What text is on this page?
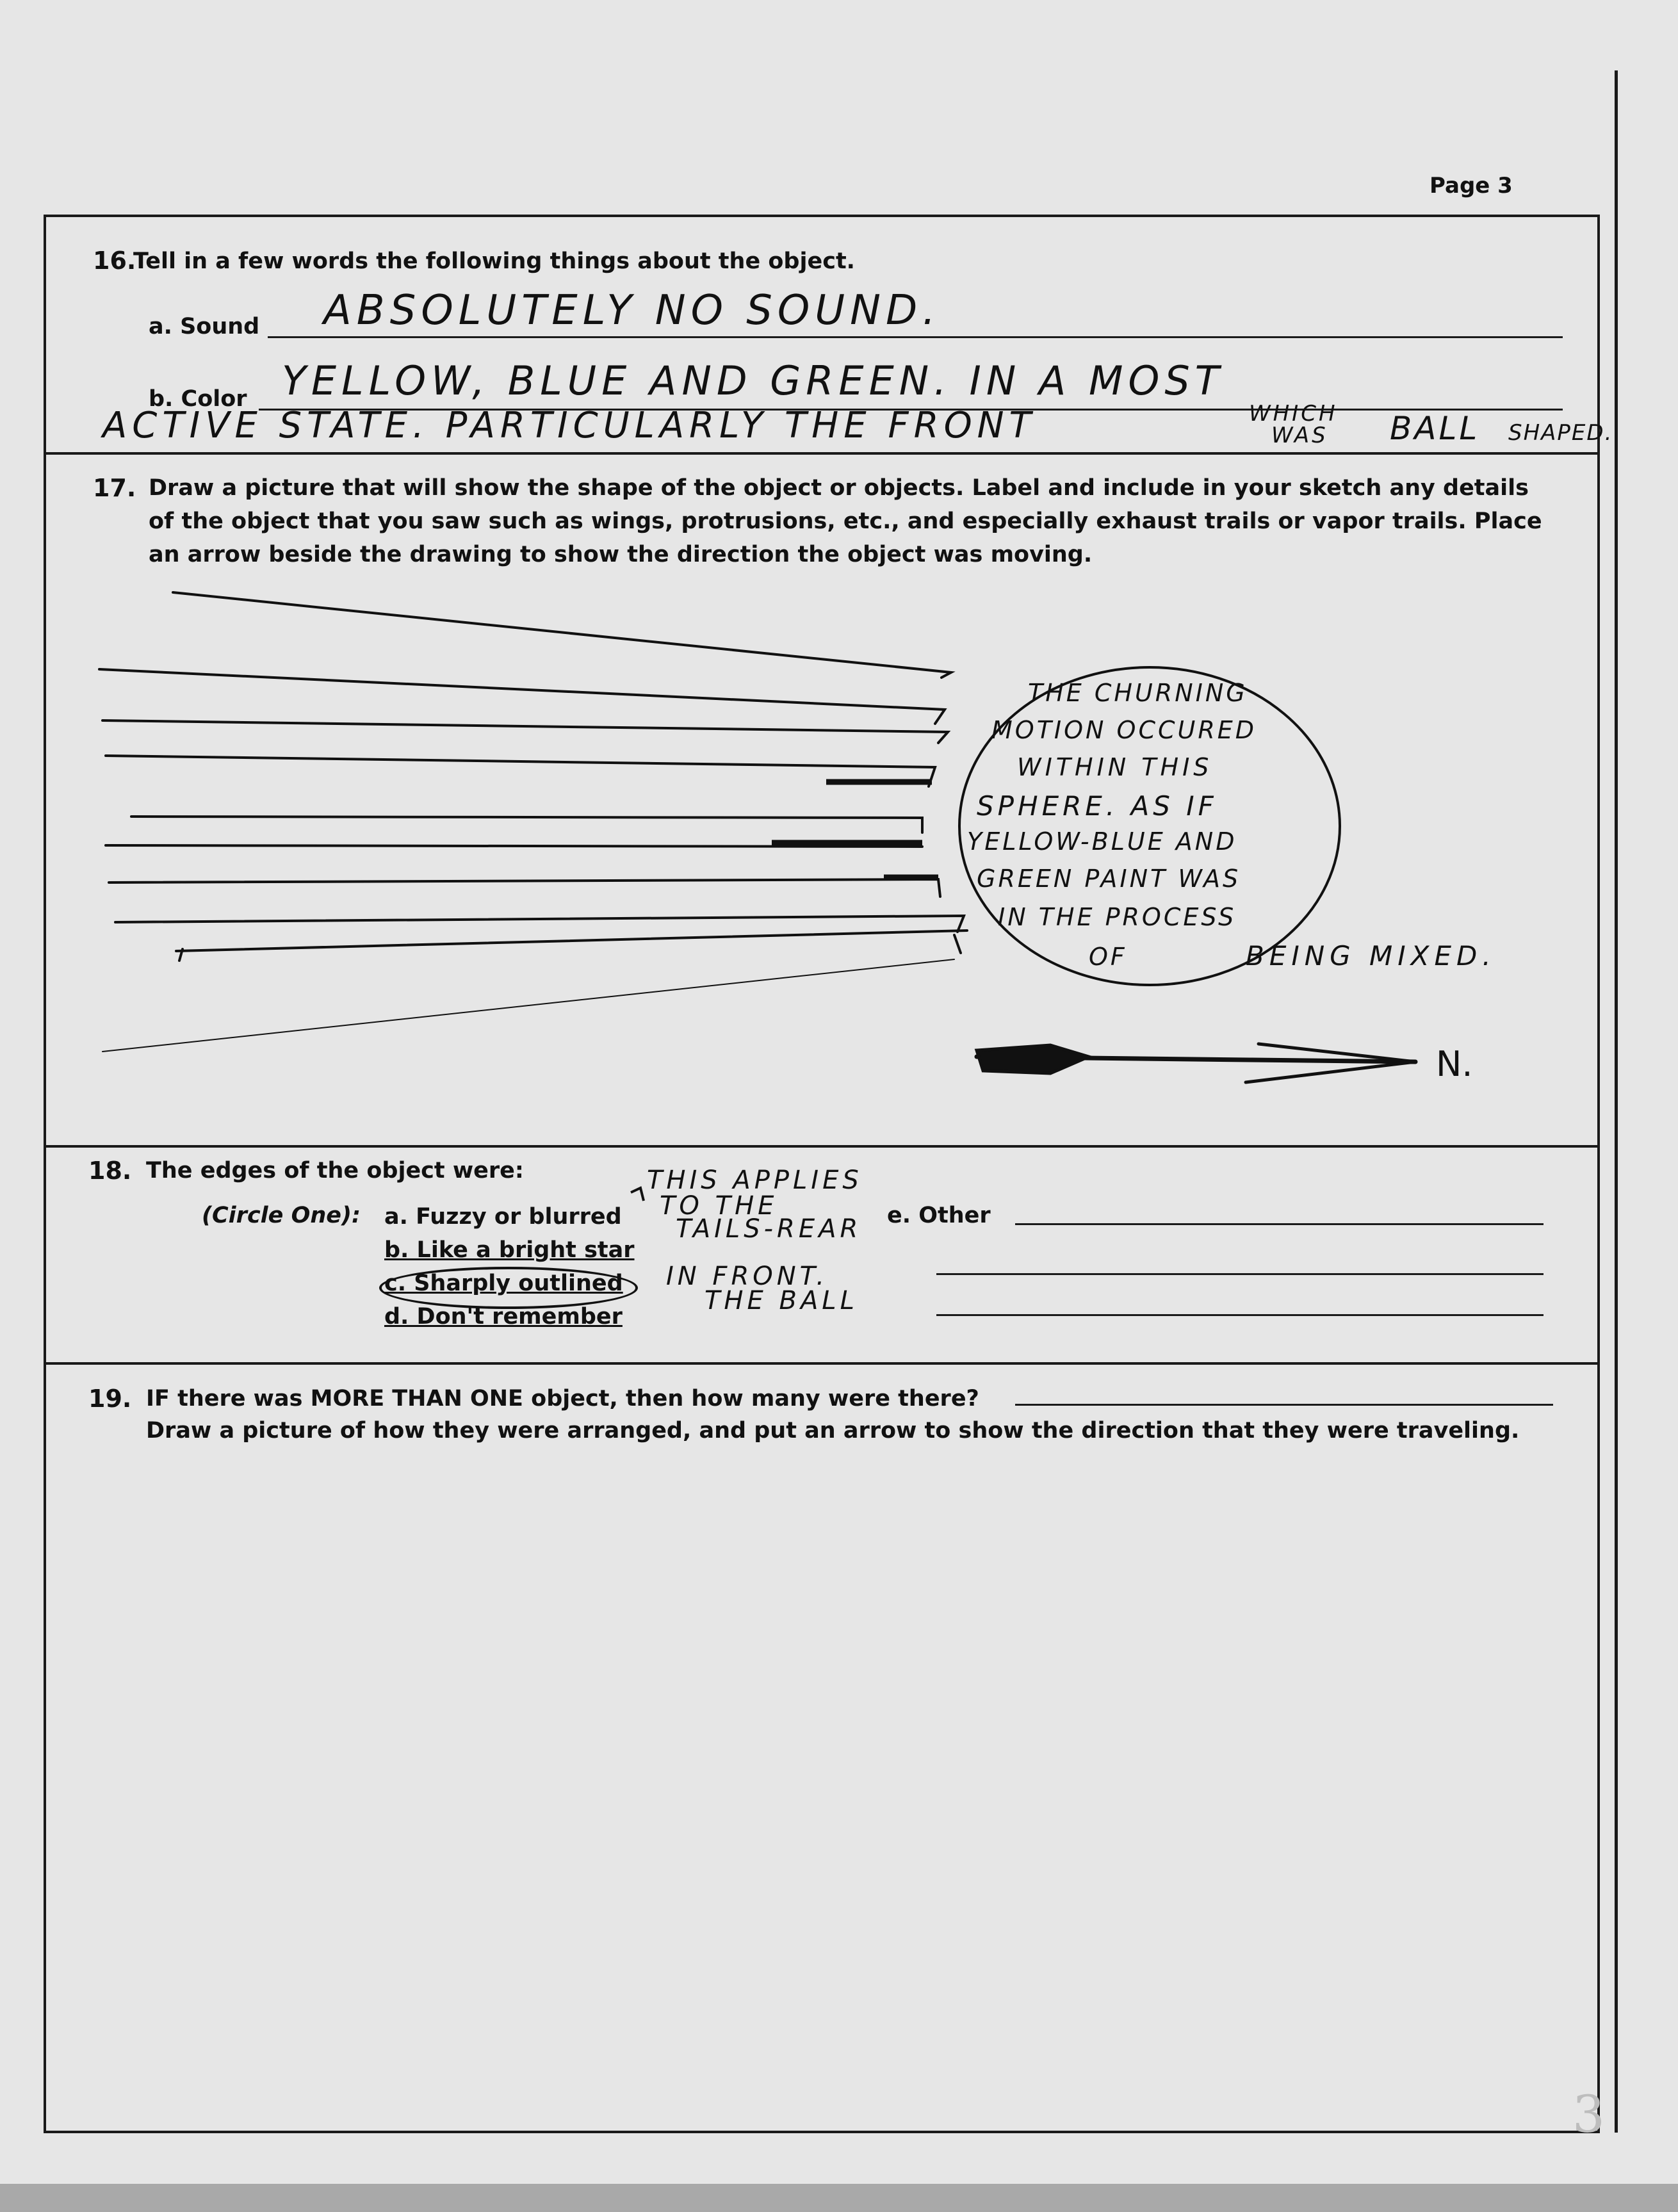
Page 3
16.
Tell in a few words the following things about the object.
a. Sound ABSOLUTELY NO SOUND.
b. Color YELLOW, BLUE AND GREEN. IN A MOST
ACTIVE STATE. PARTICULARLY THE FRONT	WHICH
WAS BALL SHAPED.
17. Draw a picture that will show the shape of the object or objects. Label and include in your sketch any details
of the object that you saw such as wings, protrusions, etc., and especially exhaust trails or vapor trails. Place
an arrow beside the drawing to show the direction the object was moving.
THE CHURNING
MOTION OCCURED
WITHIN THIS
SPHERE. AS IF
YELLOW-BLUE AND
GREEN PAINT WAS
IN THE PROCESS
OF	BEING MIXED.
N.
18. The edges of the object were:
(Circle One): a. Fuzzy or blurred
b. Like a bright star
c. Sharply outlined
d. Don't remember
e. Other
THIS APPLIES
TO THE
TAILS-REAR
IN FRONT.
THE BALL
19. IF there was MORE THAN ONE object, then how many were there?
Draw a picture of how they were arranged, and put an arrow to show the direction that they were traveling.
3
